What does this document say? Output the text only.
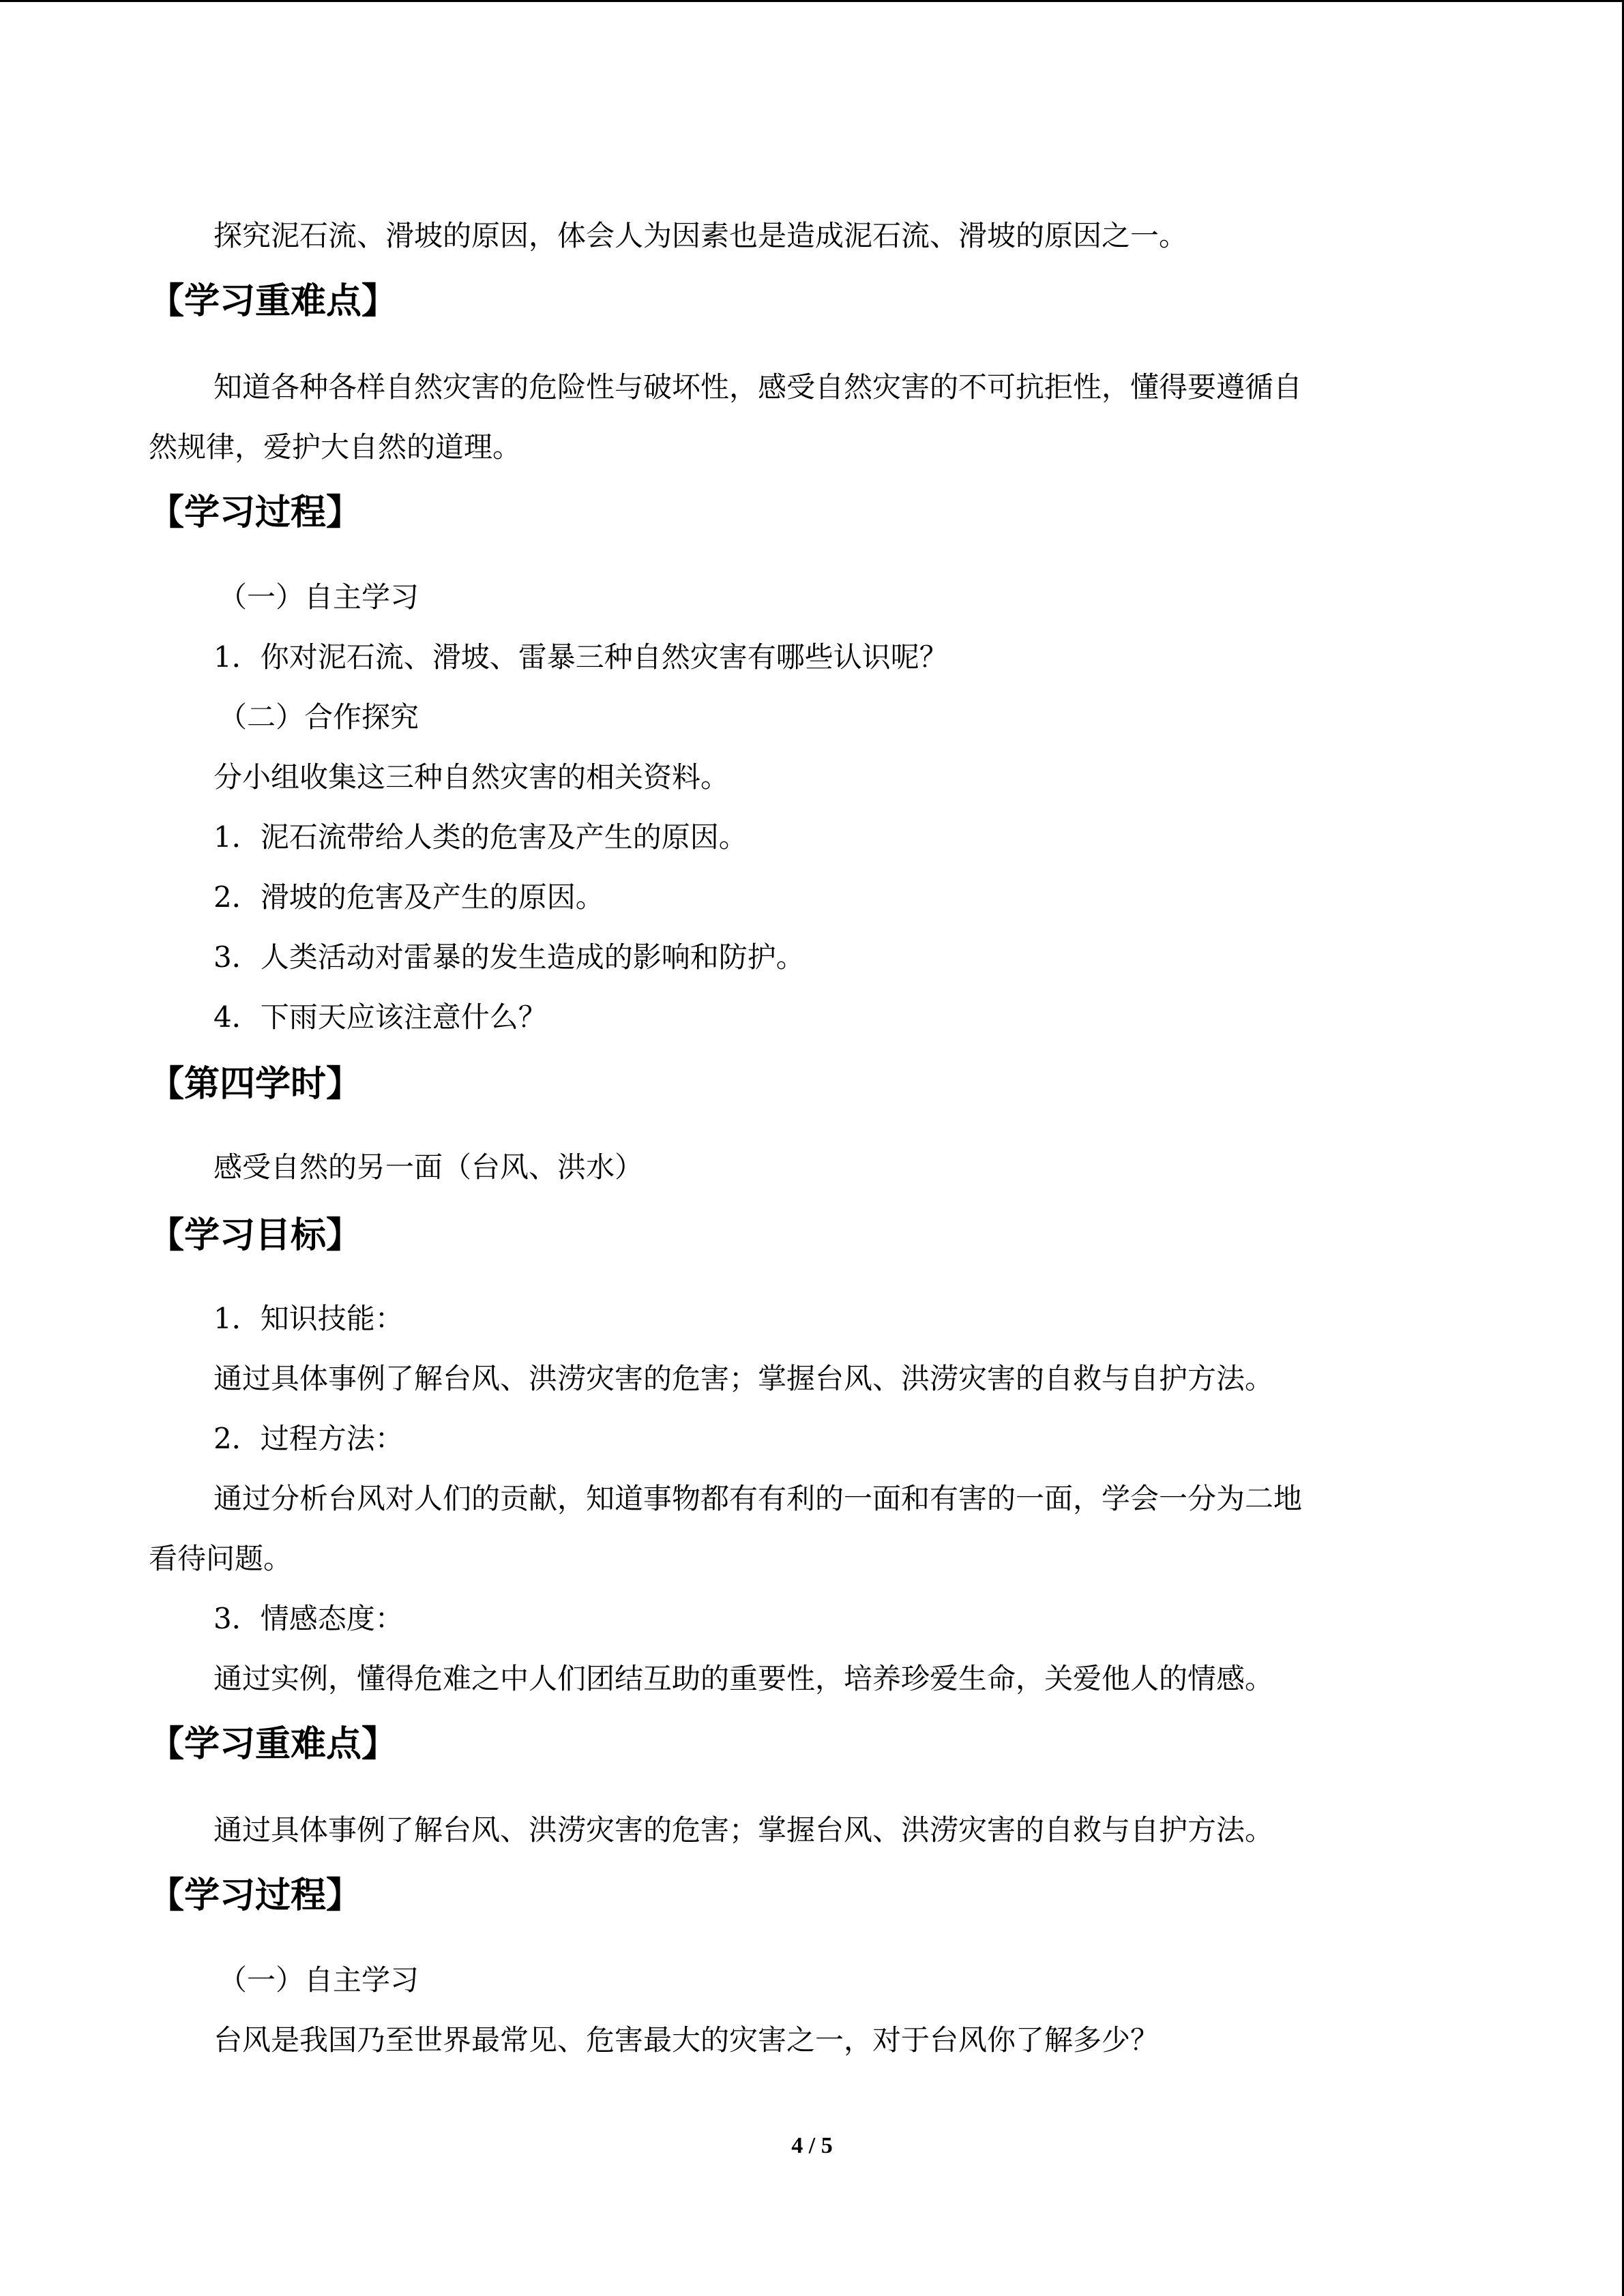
探究泥石流、滑坡的原因，体会人为因素也是造成泥石流、滑坡的原因之一。
【学习重难点】
知道各种各样自然灾害的危险性与破坏性，感受自然灾害的不可抗拒性，懂得要遵循自
然规律，爱护大自然的道理。
【学习过程】
（一）自主学习
1．你对泥石流、滑坡、雷暴三种自然灾害有哪些认识呢？
（二）合作探究
分小组收集这三种自然灾害的相关资料。
1．泥石流带给人类的危害及产生的原因。
2．滑坡的危害及产生的原因。
3．人类活动对雷暴的发生造成的影响和防护。
4．下雨天应该注意什么？
【第四学时】
感受自然的另一面（台风、洪水）
【学习目标】
1．知识技能：
通过具体事例了解台风、洪涝灾害的危害；掌握台风、洪涝灾害的自救与自护方法。
2．过程方法：
通过分析台风对人们的贡献，知道事物都有有利的一面和有害的一面，学会一分为二地
看待问题。
3．情感态度：
通过实例，懂得危难之中人们团结互助的重要性，培养珍爱生命，关爱他人的情感。
【学习重难点】
通过具体事例了解台风、洪涝灾害的危害；掌握台风、洪涝灾害的自救与自护方法。
【学习过程】
（一）自主学习
台风是我国乃至世界最常见、危害最大的灾害之一，对于台风你了解多少？
4 / 5
